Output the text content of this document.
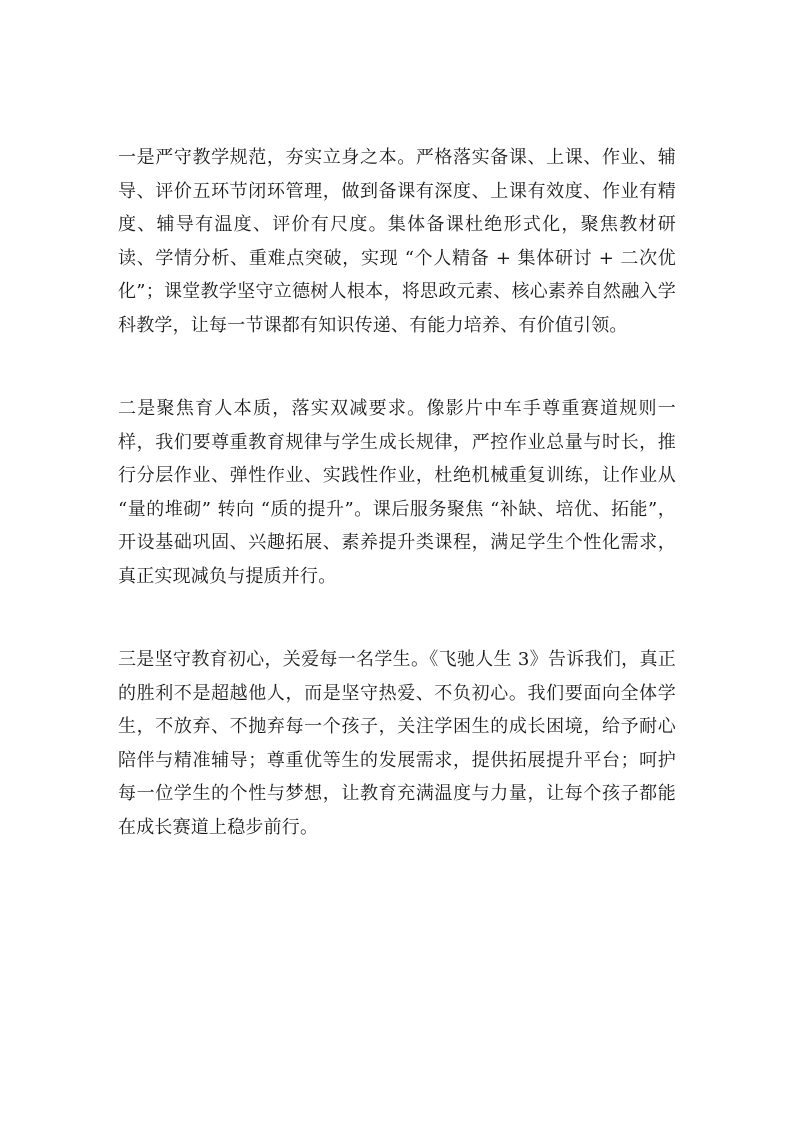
一是严守教学规范，夯实立身之本。严格落实备课、上课、作业、辅导、评价五环节闭环管理，做到备课有深度、上课有效度、作业有精度、辅导有温度、评价有尺度。集体备课杜绝形式化，聚焦教材研读、学情分析、重难点突破，实现 “个人精备 + 集体研讨 + 二次优化”；课堂教学坚守立德树人根本，将思政元素、核心素养自然融入学科教学，让每一节课都有知识传递、有能力培养、有价值引领。

二是聚焦育人本质，落实双减要求。像影片中车手尊重赛道规则一样，我们要尊重教育规律与学生成长规律，严控作业总量与时长，推行分层作业、弹性作业、实践性作业，杜绝机械重复训练，让作业从 “量的堆砌” 转向 “质的提升”。课后服务聚焦 “补缺、培优、拓能”，开设基础巩固、兴趣拓展、素养提升类课程，满足学生个性化需求，真正实现减负与提质并行。

三是坚守教育初心，关爱每一名学生。《飞驰人生 3》告诉我们，真正的胜利不是超越他人，而是坚守热爱、不负初心。我们要面向全体学生，不放弃、不抛弃每一个孩子，关注学困生的成长困境，给予耐心陪伴与精准辅导；尊重优等生的发展需求，提供拓展提升平台；呵护每一位学生的个性与梦想，让教育充满温度与力量，让每个孩子都能在成长赛道上稳步前行。
